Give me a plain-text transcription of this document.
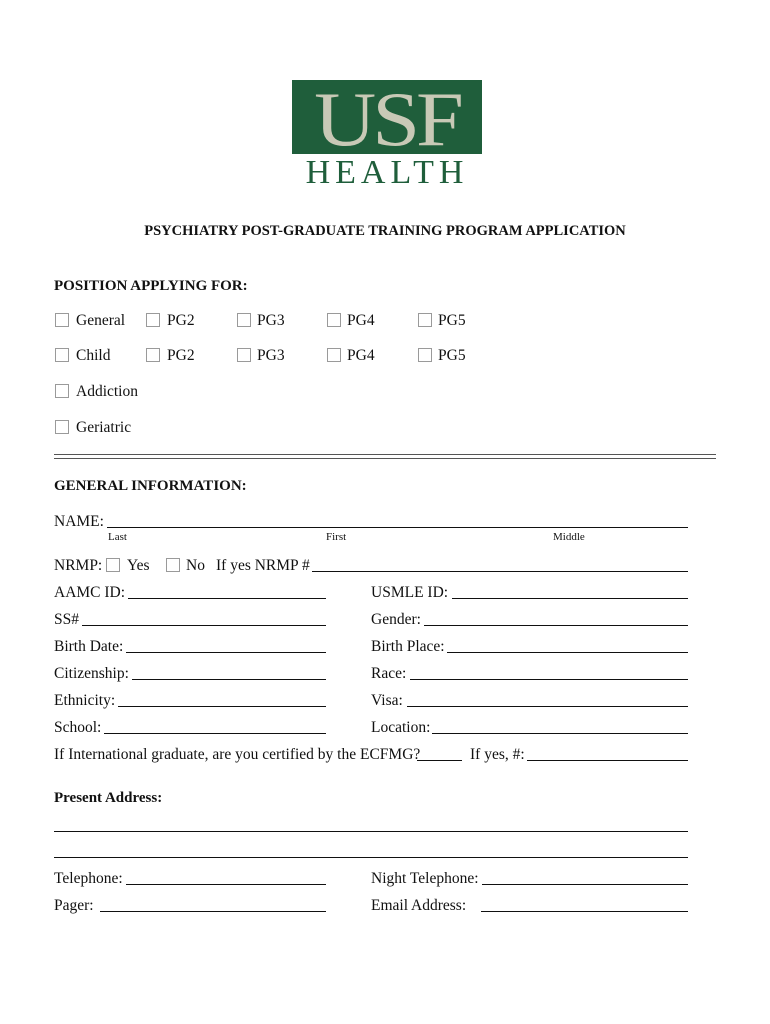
USF
HEALTH
PSYCHIATRY POST-GRADUATE TRAINING PROGRAM APPLICATION
POSITION APPLYING FOR:
General	PG2	PG3	PG4	PG5
Child	PG2	PG3	PG4	PG5
Addiction
Geriatric
GENERAL INFORMATION:
NAME:
Last	First	Middle
NRMP: Yes No If yes NRMP #
AAMC ID:	USMLE ID:
SS#	Gender:
Birth Date:	Birth Place:
Citizenship:	Race:
Ethnicity:	Visa:
School:	Location:
If International graduate, are you certified by the ECFMG?	If yes, #:
Present Address:
Telephone:	Night Telephone:
Pager:	Email Address:
